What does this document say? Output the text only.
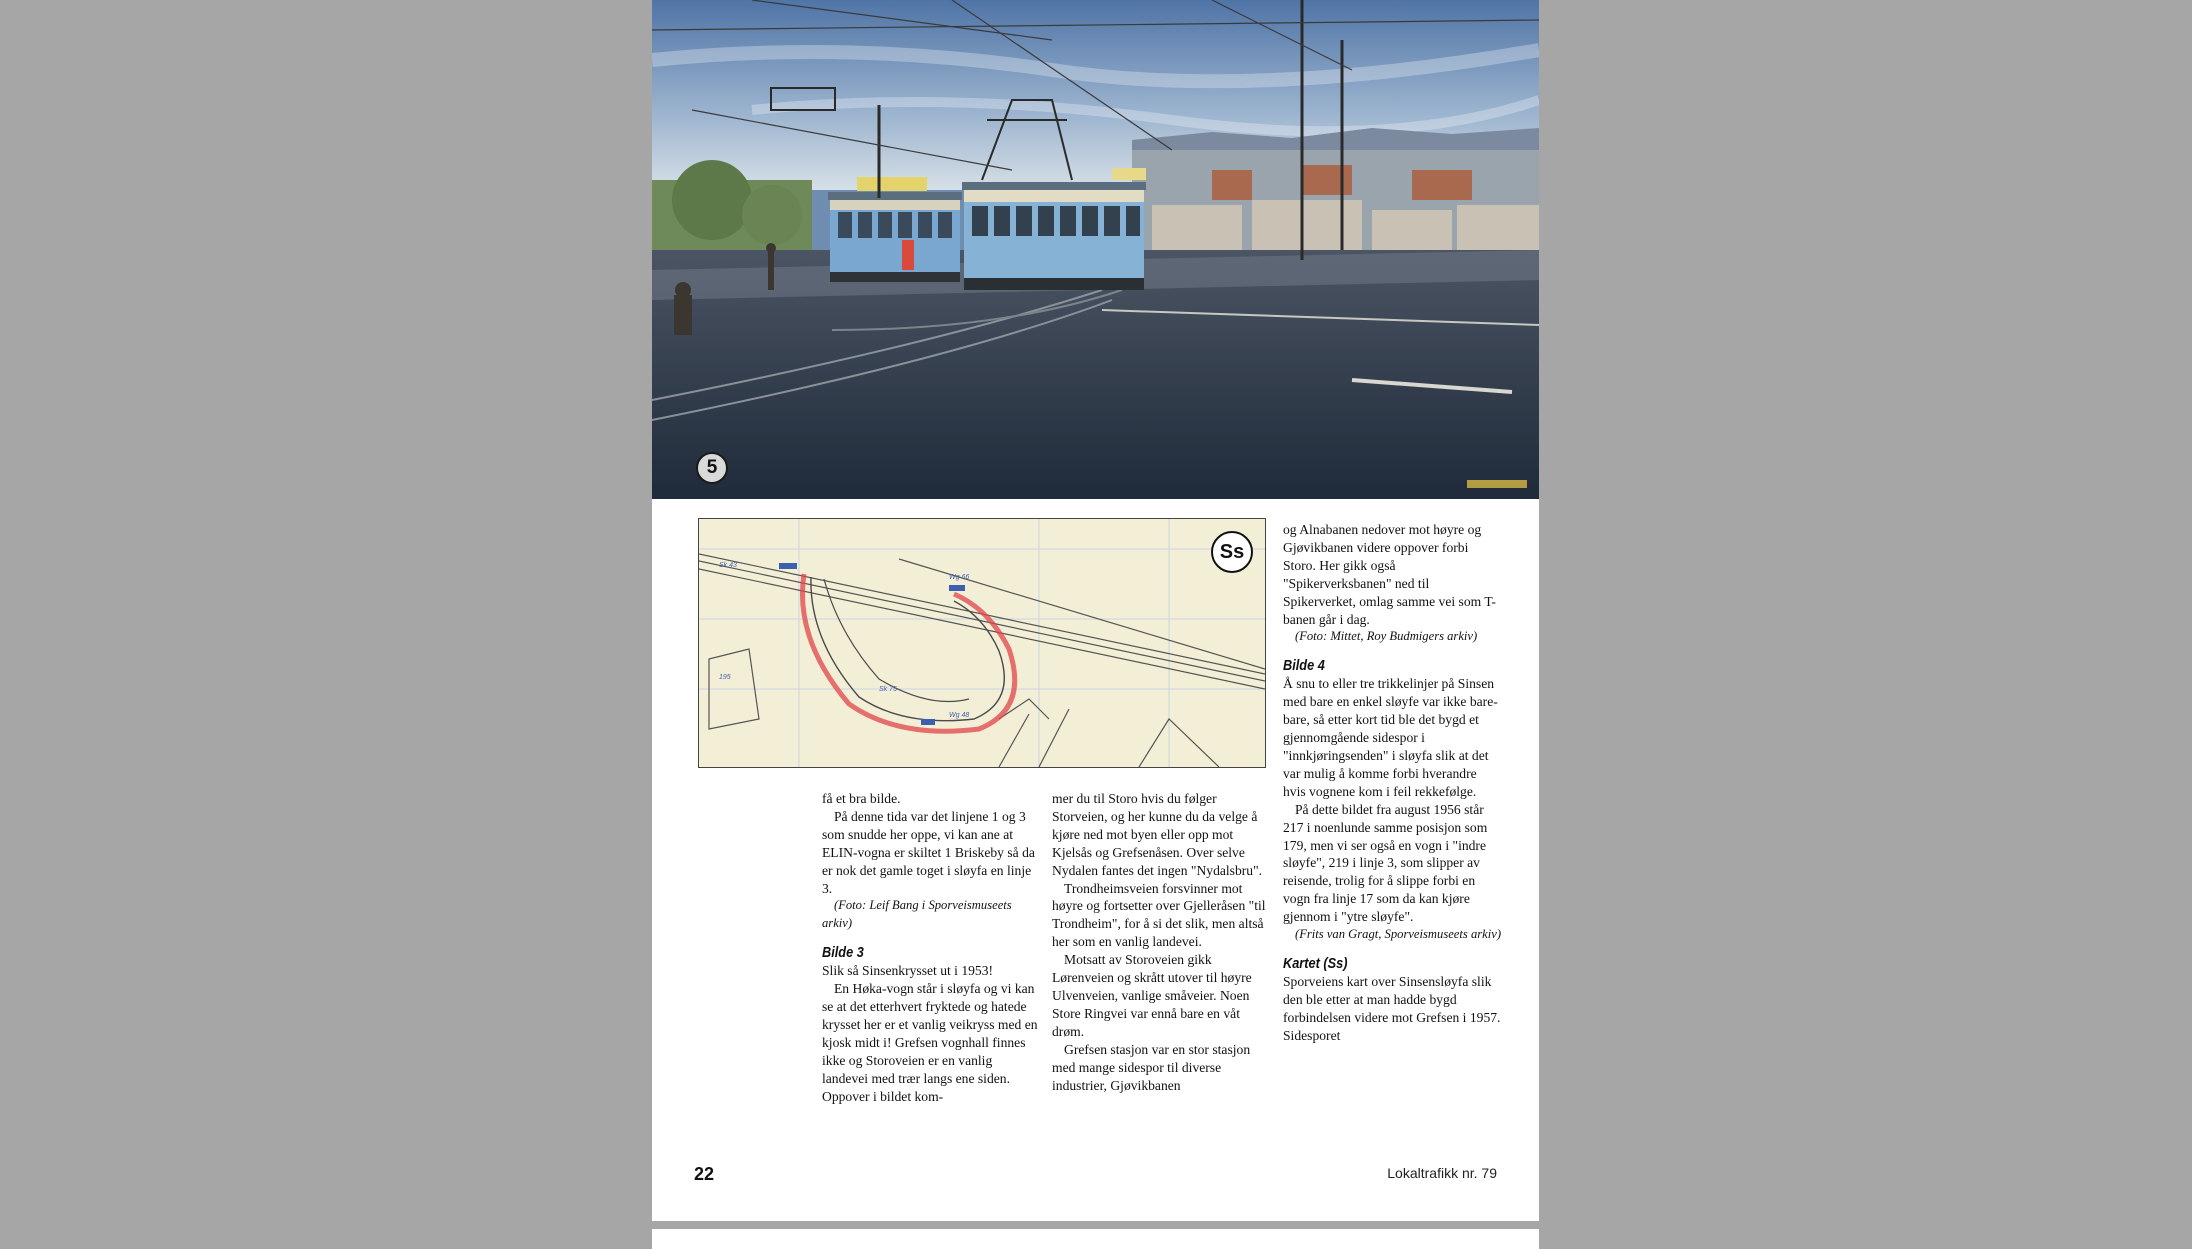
5
Sk 43
Wg 66
Sk 75
Wg 48
195
Ss

få et bra bilde.

På denne tida var det linjene 1 og 3 som snudde her oppe, vi kan ane at ELIN-vogna er skiltet 1 Briskeby så da er nok det gamle toget i sløyfa en linje 3.

(Foto: Leif Bang i Sporveismuseets arkiv)

Bilde 3

Slik så Sinsenkrysset ut i 1953!

En Høka-vogn står i sløyfa og vi kan se at det etterhvert fryktede og hatede krysset her er et vanlig veikryss med en kjosk midt i! Grefsen vognhall finnes ikke og Storoveien er en vanlig landevei med trær langs ene siden. Oppover i bildet kom-

mer du til Storo hvis du følger Storveien, og her kunne du da velge å kjøre ned mot byen eller opp mot Kjelsås og Grefsenåsen. Over selve Nydalen fantes det ingen "Nydalsbru".

Trondheimsveien forsvinner mot høyre og fortsetter over Gjelleråsen "til Trondheim", for å si det slik, men altså her som en vanlig landevei.

Motsatt av Storoveien gikk Lørenveien og skrått utover til høyre Ulvenveien, vanlige småveier. Noen Store Ringvei var ennå bare en våt drøm.

Grefsen stasjon var en stor stasjon med mange sidespor til diverse industrier, Gjøvikbanen

og Alnabanen nedover mot høyre og Gjøvikbanen videre oppover forbi Storo. Her gikk også "Spikerverksbanen" ned til Spikerverket, omlag samme vei som T-banen går i dag.

(Foto: Mittet, Roy Budmigers arkiv)

Bilde 4

Å snu to eller tre trikkelinjer på Sinsen med bare en enkel sløyfe var ikke bare-bare, så etter kort tid ble det bygd et gjennomgående sidespor i "innkjøringsenden" i sløyfa slik at det var mulig å komme forbi hverandre hvis vognene kom i feil rekkefølge.

På dette bildet fra august 1956 står 217 i noenlunde samme posisjon som 179, men vi ser også en vogn i "indre sløyfe", 219 i linje 3, som slipper av reisende, trolig for å slippe forbi en vogn fra linje 17 som da kan kjøre gjennom i "ytre sløyfe".

(Frits van Gragt, Sporveismuseets arkiv)

Kartet (Ss)

Sporveiens kart over Sinsensløyfa slik den ble etter at man hadde bygd forbindelsen videre mot Grefsen i 1957. Sidesporet

22	Lokaltrafikk nr. 79
